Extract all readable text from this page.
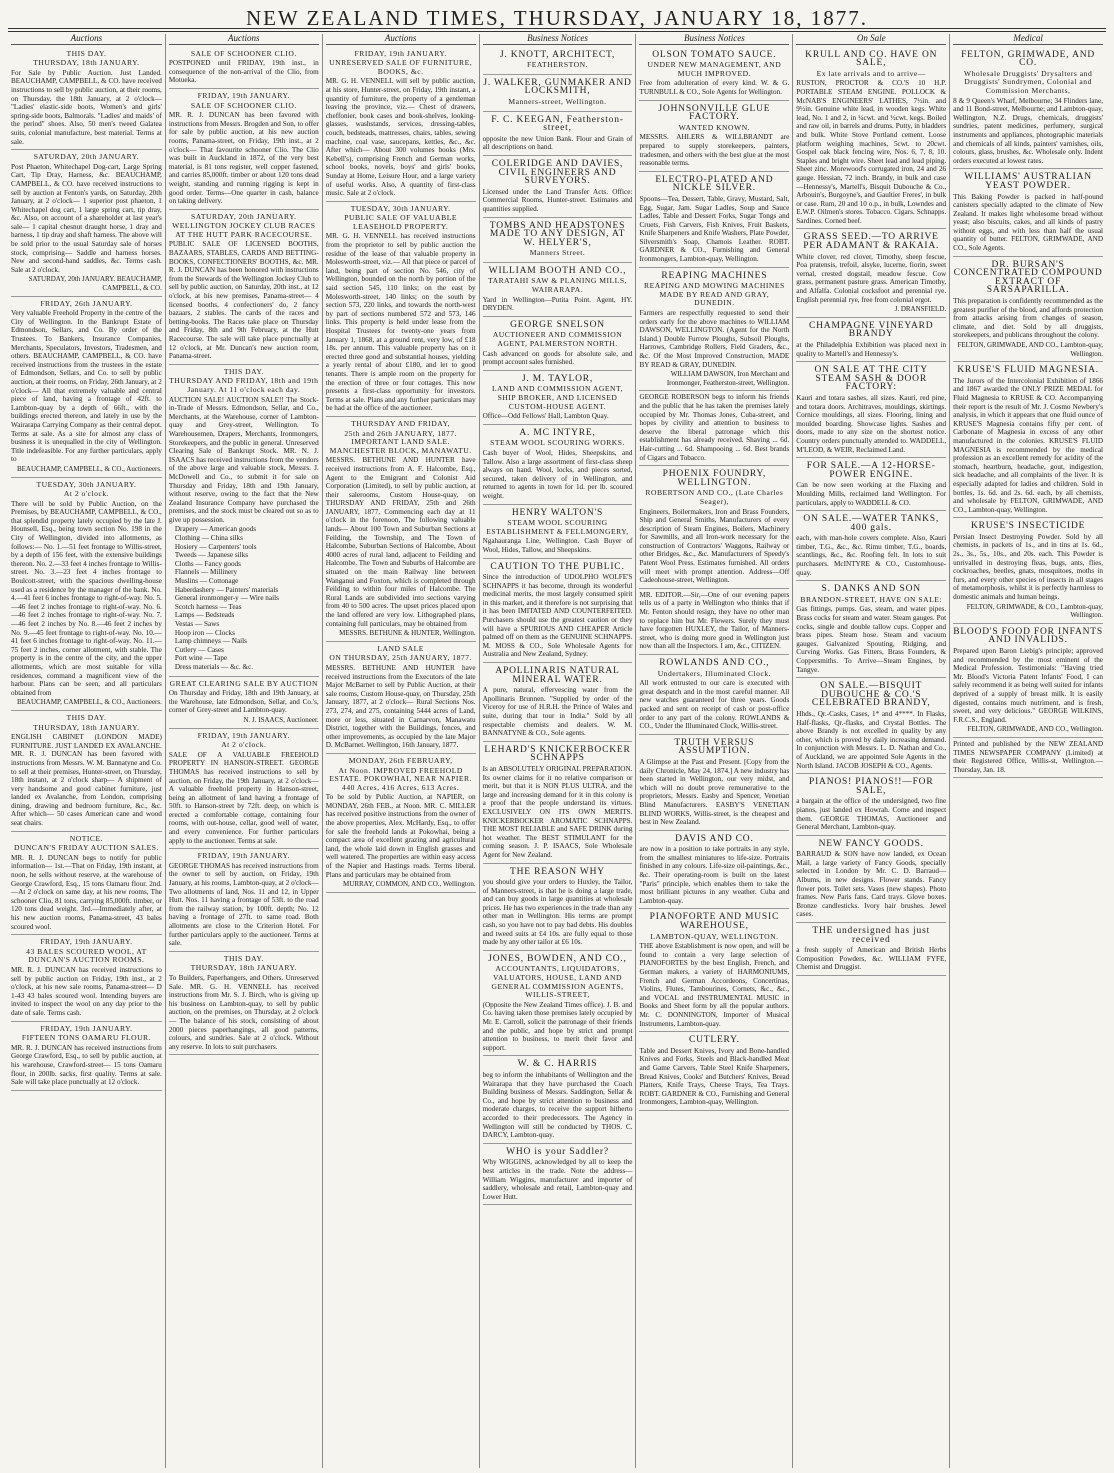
NEW ZEALAND TIMES, THURSDAY, JANUARY 18, 1877.
Auctions
THIS DAY.
THURSDAY, 18th JANUARY.
For Sale by Public Auction. Just Landed. BEAUCHAMP, CAMPBELL, & CO. have received instructions to sell by public auction, at their rooms, on Thursday, the 18th January, at 2 o'clock— "Ladies' elastic-side boots, Women's and girls' spring-side boots, Balmorals. "Ladies' and maids' of the period" shoes. Also, 50 men's tweed Galatea suits, colonial manufacture, best material. Terms at sale.
SATURDAY, 20th JANUARY.
Post Phaeton, Whitechapel Dog-cart, Large Spring Cart, Tip Dray, Harness, &c. BEAUCHAMP, CAMPBELL, & CO. have received instructions to sell by auction at Fenton's yards, on Saturday, 20th January, at 2 o'clock— 1 superior post phaeton, 1 Whitechapel dog cart, 1 large spring cart, tip dray, &c. Also, on account of a shareholder at last year's sale— 1 capital chesnut draught horse, 1 dray and harness, 1 tip dray and shaft harness. The above will be sold prior to the usual Saturday sale of horses stock, comprising— Saddle and harness horses. New and second-hand saddles, &c. Terms cash. Sale at 2 o'clock.
SATURDAY, 20th JANUARY. BEAUCHAMP, CAMPBELL, & CO.
FRIDAY, 26th JANUARY.
Very valuable Freehold Property in the centre of the City of Wellington. In the Bankrupt Estate of Edmondson, Sellars, and Co. By order of the Trustees. To Bankers, Insurance Companies, Merchants, Speculators, Investors, Tradesmen, and others. BEAUCHAMP, CAMPBELL, & CO. have received instructions from the trustees in the estate of Edmondson, Sellars, and Co. to sell by public auction, at their rooms, on Friday, 26th January, at 2 o'clock— All that extremely valuable and central piece of land, having a frontage of 42ft. to Lambton-quay by a depth of 66ft., with the buildings erected thereon, and lately in use by the Wairarapa Carrying Company as their central depot. Terms at sale. As a site for almost any class of business it is unequalled in the city of Wellington. Title indefeasible. For any further particulars, apply to
BEAUCHAMP, CAMPBELL, & CO., Auctioneers.
TUESDAY, 30th JANUARY.
At 2 o'clock.
There will be sold by Public Auction, on the Premises, by BEAUCHAMP, CAMPBELL, & CO., that splendid property lately occupied by the late J. Hounsell, Esq., being town section No. 198 in the City of Wellington, divided into allotments, as follows:— No. 1.—51 feet frontage to Willis-street, by a depth of 156 feet, with the extensive buildings thereon. No. 2.—33 feet 4 inches frontage to Willis-street. No. 3.—23 feet 4 inches frontage to Boulcott-street, with the spacious dwelling-house used as a residence by the manager of the bank. No. 4.—41 feet 6 inches frontage to right-of-way. No. 5.—46 feet 2 inches frontage to right-of-way. No. 6.—46 feet 2 inches frontage to right-of-way. No. 7.—46 feet 2 inches by No. 8.—46 feet 2 inches by No. 9.—45 feet frontage to right-of-way. No. 10.—41 feet 6 inches frontage to right-of-way. No. 11.—75 feet 2 inches, corner allotment, with stable. The property is in the centre of the city, and the upper allotments, which are most suitable for villa residences, command a magnificent view of the harbour. Plans can be seen, and all particulars obtained from
BEAUCHAMP, CAMPBELL, & CO., Auctioneers.
THIS DAY.
THURSDAY, 18th JANUARY.
ENGLISH CABINET (LONDON MADE) FURNITURE. JUST LANDED EX AVALANCHE. MR. R. J. DUNCAN has been favored with instructions from Messrs. W. M. Bannatyne and Co. to sell at their premises, Hunter-street, on Thursday, 18th instant, at 2 o'clock sharp— A shipment of very handsome and good cabinet furniture, just landed ex Avalanche, from London, comprising dining, drawing and bedroom furniture, &c., &c. After which— 50 cases American cane and wood seat chairs.
NOTICE.
DUNCAN'S FRIDAY AUCTION SALES.
MR. R. J. DUNCAN begs to notify for public information— 1st.—That on Friday, 19th instant, at noon, he sells without reserve, at the warehouse of George Crawford, Esq., 15 tons Oamaru flour. 2nd.—At 2 o'clock on same day, at his new rooms, The schooner Clio, 81 tons, carrying 85,000ft. timber, or 120 tons dead weight. 3rd.—Immediately after, at his new auction rooms, Panama-street, 43 bales scoured wool.
FRIDAY, 19th JANUARY.
43 BALES SCOURED WOOL, AT DUNCAN'S AUCTION ROOMS.
MR. R. J. DUNCAN has received instructions to sell by public auction on Friday, 19th inst., at 2 o'clock, at his new sale rooms, Panama-street— D 1-43 43 bales scoured wool. Intending buyers are invited to inspect the wool on any day prior to the date of sale. Terms cash.
FRIDAY, 19th JANUARY.
FIFTEEN TONS OAMARU FLOUR.
MR. R. J. DUNCAN has received instructions from George Crawford, Esq., to sell by public auction, at his warehouse, Crawford-street— 15 tons Oamaru flour, in 200lb. sacks, first quality. Terms at sale. Sale will take place punctually at 12 o'clock.
Auctions
SALE OF SCHOONER CLIO.
POSTPONED until FRIDAY, 19th inst., in consequence of the non-arrival of the Clio, from Motueka.
FRIDAY, 19th JANUARY.
SALE OF SCHOONER CLIO.
MR. R. J. DUNCAN has been favored with instructions from Messrs. Brogden and Son, to offer for sale by public auction, at his new auction rooms, Panama-street, on Friday, 19th inst., at 2 o'clock— That favourite schooner Clio. The Clio was built in Auckland in 1872, of the very best material, is 81 tons register, well copper fastened, and carries 85,000ft. timber or about 120 tons dead weight, standing and running rigging is kept in good order. Terms—One quarter in cash, balance on taking delivery.
SATURDAY, 20th JANUARY.
WELLINGTON JOCKEY CLUB RACES AT THE HUTT PARK RACECOURSE.
PUBLIC SALE OF LICENSED BOOTHS, BAZAARS, STABLES, CARDS AND BETTING-BOOKS, CONFECTIONERS' BOOTHS, &c. MR. R. J. DUNCAN has been honored with instructions from the Stewards of the Wellington Jockey Club to sell by public auction, on Saturday, 20th inst., at 12 o'clock, at his new premises, Panama-street— 4 licensed booths, 4 confectioners' do, 2 fancy bazaars, 2 stables. The cards of the races and betting-books. The Races take place on Thursday and Friday, 8th and 9th February, at the Hutt Racecourse. The sale will take place punctually at 12 o'clock, at Mr. Duncan's new auction room, Panama-street.
THIS DAY.
THURSDAY AND FRIDAY, 18th and 19th January. At 11 o'clock each day.
AUCTION SALE! AUCTION SALE!! The Stock-in-Trade of Messrs. Edmondson, Sellar, and Co., Merchants, at the Warehouse, corner of Lambton-quay and Grey-street, Wellington. To Warehousemen, Drapers, Merchants, Ironmongers, Storekeepers, and the public in general. Unreserved Clearing Sale of Bankrupt Stock. MR. N. J. ISAACS has received instructions from the vendors of the above large and valuable stock, Messrs. J. McDowell and Co., to submit it for sale on Thursday and Friday, 18th and 19th January, without reserve, owing to the fact that the New Zealand Insurance Company have purchased the premises, and the stock must be cleared out so as to give up possession.
Drapery — American goods
Clothing — China silks
Hosiery — Carpenters' tools
Tweeds — Japanese silks
Cloths — Fancy goods
Flannels — Millinery
Muslins — Cottonage
Haberdashery — Painters' materials
General ironmonger-y — Wire nails
Scotch harness — Teas
Lamps — Bedsteads
Vestas — Saws
Hoop iron — Clocks
Lamp chimneys — Nails
Cutlery — Cases
Port wine — Tape
Dress materials — &c. &c.
GREAT CLEARING SALE BY AUCTION
On Thursday and Friday, 18th and 19th January, at the Warehouse, late Edmondson, Sellar, and Co.'s, corner of Grey-street and Lambton-quay.
N. J. ISAACS, Auctioneer.
FRIDAY, 19th JANUARY.
At 2 o'clock.
SALE OF A VALUABLE FREEHOLD PROPERTY IN HANSON-STREET. GEORGE THOMAS has received instructions to sell by auction, on Friday, the 19th January, at 2 o'clock— A valuable freehold property in Hanson-street, being an allotment of land having a frontage of 50ft. to Hanson-street by 72ft. deep, on which is erected a comfortable cottage, containing four rooms, with out-house, cellar, good well of water, and every convenience. For further particulars apply to the auctioneer. Terms at sale.
FRIDAY, 19th JANUARY.
GEORGE THOMAS has received instructions from the owner to sell by auction, on Friday, 19th January, at his rooms, Lambton-quay, at 2 o'clock— Two allotments of land, Nos. 11 and 12, in Upper Hutt. Nos. 11 having a frontage of 53ft. to the road from the railway station, by 100ft. depth; No. 12 having a frontage of 27ft. to same road. Both allotments are close to the Criterion Hotel. For further particulars apply to the auctioneer. Terms at sale.
THIS DAY.
THURSDAY, 18th JANUARY.
To Builders, Paperhangers, and Others. Unreserved Sale. MR. G. H. VENNELL has received instructions from Mr. S. J. Birch, who is giving up his business on Lambton-quay, to sell by public auction, on the premises, on Thursday, at 2 o'clock— The balance of his stock, consisting of about 2000 pieces paperhangings, all good patterns, colours, and sundries. Sale at 2 o'clock. Without any reserve. In lots to suit purchasers.
Auctions
FRIDAY, 19th JANUARY.
UNRESERVED SALE OF FURNITURE, BOOKS, &c.
MR. G. H. VENNELL will sell by public auction, at his store, Hunter-street, on Friday, 19th instant, a quantity of furniture, the property of a gentleman leaving the province, viz.— Chest of drawers, cheffonier, book cases and book-shelves, looking-glasses, washstands, services, dressing-tables, couch, bedsteads, mattresses, chairs, tables, sewing machine, coal vase, saucepans, kettles, &c., &c. After which— About 300 volumes books (Mrs. Kebell's), comprising French and German works, school books, novels, boys' and girls' books, Sunday at Home, Leisure Hour, and a large variety of useful works. Also, A quantity of first-class music. Sale at 2 o'clock.
TUESDAY, 30th JANUARY.
PUBLIC SALE OF VALUABLE LEASEHOLD PROPERTY.
MR. G. H. VENNELL has received instructions from the proprietor to sell by public auction the residue of the lease of that valuable property in Molesworth-street, viz.— All that piece or parcel of land, being part of section No. 546, city of Wellington, bounded on the north by portion of the said section 545, 110 links; on the east by Molesworth-street, 140 links; on the south by section 573, 220 links, and towards the north-west by part of sections numbered 572 and 573, 146 links. This property is held under lease from the Hospital Trustees for twenty-one years from January 1, 1868, at a ground rent, very low, of £18 18s. per annum. This valuable property has on it erected three good and substantial houses, yielding a yearly rental of about £180, and let to good tenants. There is ample room on the property for the erection of three or four cottages. This now presents a first-class opportunity for investors. Terms at sale. Plans and any further particulars may be had at the office of the auctioneer.
THURSDAY AND FRIDAY,
25th and 26th JANUARY, 1877. IMPORTANT LAND SALE. MANCHESTER BLOCK, MANAWATU.
MESSRS. BETHUNE AND HUNTER have received instructions from A. F. Halcombe, Esq., Agent to the Emigrant and Colonist Aid Corporation (Limited), to sell by public auction, at their salerooms, Custom House-quay, on THURSDAY AND FRIDAY, 25th and 26th JANUARY, 1877, Commencing each day at 11 o'clock in the forenoon, The following valuable lands— About 100 Town and Suburban Sections at Feilding, the Township, and The Town of Halcombe, Suburban Sections of Halcombe, About 4000 acres of rural land, adjacent to Feilding and Halcombe. The Town and Suburbs of Halcombe are situated on the main Railway line between Wanganui and Foxton, which is completed through Feilding to within four miles of Halcombe. The Rural Lands are subdivided into sections varying from 40 to 500 acres. The upset prices placed upon the land offered are very low. Lithographed plans, containing full particulars, may be obtained from
MESSRS. BETHUNE & HUNTER, Wellington.
LAND SALE
ON THURSDAY, 25th JANUARY, 1877.
MESSRS. BETHUNE AND HUNTER have received instructions from the Executors of the late Major McBarnet to sell by Public Auction, at their sale rooms, Custom House-quay, on Thursday, 25th January, 1877, at 2 o'clock— Rural Sections Nos. 273, 274, and 275, containing 5444 acres of Land, more or less, situated in Carnarvon, Manawatu District, together with the Buildings, fences, and other improvements, as occupied by the late Major D. McBarnet. Wellington, 16th January, 1877.
MONDAY, 26th FEBRUARY,
At Noon. IMPROVED FREEHOLD ESTATE. POKOWHAI, NEAR NAPIER. 440 Acres, 416 Acres, 613 Acres.
To be sold by Public Auction, at NAPIER, on MONDAY, 26th FEB., at Noon. MR. C. MILLER has received positive instructions from the owner of the above properties, Alex. McHardy, Esq., to offer for sale the freehold lands at Pokowhai, being a compact area of excellent grazing and agricultural land, the whole laid down in English grasses and well watered. The properties are within easy access of the Napier and Hastings roads. Terms liberal. Plans and particulars may be obtained from
MURRAY, COMMON, AND CO., Wellington.
Business Notices
J. KNOTT, ARCHITECT,
FEATHERSTON.
J. WALKER, GUNMAKER AND LOCKSMITH,
Manners-street, Wellington.
F. C. KEEGAN, Featherston-street,
opposite the new Union Bank. Flour and Grain of all descriptions on hand.
COLERIDGE AND DAVIES, CIVIL ENGINEERS AND SURVEYORS.
Licensed under the Land Transfer Acts. Office: Commercial Rooms, Hunter-street. Estimates and quantities supplied.
TOMBS AND HEADSTONES MADE TO ANY DESIGN, AT W. HELYER'S,
Manners Street.
WILLIAM BOOTH AND CO.,
TARATAHI SAW & PLANING MILLS, WAIRARAPA.
Yard in Wellington—Putita Point. Agent, HY. DRYDEN.
GEORGE SNELSON
AUCTIONEER AND COMMISSION AGENT, PALMERSTON NORTH.
Cash advanced on goods for absolute sale, and prompt account sales furnished.
J. M. TAYLOR,
LAND AND COMMISSION AGENT, SHIP BROKER, AND LICENSED CUSTOM-HOUSE AGENT.
Office—Odd Fellows' Hall, Lambton Quay.
A. MC INTYRE,
STEAM WOOL SCOURING WORKS.
Cash buyer of Wool, Hides, Sheepskins, and Tallow. Also a large assortment of first-class sheep always on hand. Wool, locks, and pieces sorted, secured, taken delivery of in Wellington, and returned to agents in town for 1d. per lb. scoured weight.
HENRY WALTON'S
STEAM WOOL SCOURING ESTABLISHMENT & FELLMONGERY,
Ngahauranga Line, Wellington. Cash Buyer of Wool, Hides, Tallow, and Sheepskins.
CAUTION TO THE PUBLIC.
Since the introduction of UDOLPHO WOLFE'S SCHNAPPS it has become, through its wonderful medicinal merits, the most largely consumed spirit in this market, and it therefore is not surprising that it has been IMITATED AND COUNTERFEITED. Purchasers should use the greatest caution or they will have a SPURIOUS AND CHEAPER Article palmed off on them as the GENUINE SCHNAPPS. M. MOSS & CO., Sole Wholesale Agents for Australia and New Zealand, Sydney.
APOLLINARIS NATURAL MINERAL WATER.
A pure, natural, effervescing water from the Apollinaris Brunnen. "Supplied by order of the Viceroy for use of H.R.H. the Prince of Wales and suite, during that tour in India." Sold by all respectable chemists and dealers. W. M. BANNATYNE & CO., Sole agents.
LEHARD'S KNICKERBOCKER SCHNAPPS
Is an ABSOLUTELY ORIGINAL PREPARATION. Its owner claims for it no relative comparison or merit, but that it is NON PLUS ULTRA, and the large and increasing demand for it in this colony is a proof that the people understand its virtues. EXCLUSIVELY ON ITS OWN MERITS. KNICKERBOCKER AROMATIC SCHNAPPS. THE MOST RELIABLE and SAFE DRINK during hot weather. The BEST STIMULANT for the coming season. J. P. ISAACS, Sole Wholesale Agent for New Zealand.
THE REASON WHY
you should give your orders to Huxley, the Tailor, of Manners-street, is that he is doing a large trade, and can buy goods in large quantities at wholesale prices. He has two experiences in the trade than any other man in Wellington. His terms are prompt cash, so you have not to pay bad debts. His doubles and tweed suits at £4 10s. are fully equal to those made by any other tailor at £6 10s.
JONES, BOWDEN, AND CO.,
ACCOUNTANTS, LIQUIDATORS, VALUATORS, HOUSE, LAND AND GENERAL COMMISSION AGENTS, WILLIS-STREET,
(Opposite the New Zealand Times office). J. B. and Co. having taken those premises lately occupied by Mr. E. Carroll, solicit the patronage of their friends and the public, and hope by strict and prompt attention to business, to merit their favor and support.
W. & C. HARRIS
beg to inform the inhabitants of Wellington and the Wairarapa that they have purchased the Coach Building business of Messrs. Saddington, Sellar & Co., and hope by strict attention to business and moderate charges, to receive the support hitherto accorded to their predecessors. The Agency in Wellington will still be conducted by THOS. C. DARCY, Lambton-quay.
WHO is your Saddler?
Why WIGGINS, acknowledged by all to keep the best articles in the trade. Note the address— William Wiggins, manufacturer and importer of saddlery, wholesale and retail, Lambton-quay and Lower Hutt.
Business Notices
OLSON TOMATO SAUCE.
UNDER NEW MANAGEMENT, AND MUCH IMPROVED.
Free from adulteration of every kind. W. & G. TURNBULL & CO., Sole Agents for Wellington.
JOHNSONVILLE GLUE FACTORY.
WANTED KNOWN.
MESSRS. AHLERS & WILLBRANDT are prepared to supply storekeepers, painters, tradesmen, and others with the best glue at the most reasonable terms.
ELECTRO-PLATED AND NICKLE SILVER.
Spoons—Tea, Dessert, Table, Gravy, Mustard, Salt, Egg, Sugar, Jam. Sugar Ladles, Soup and Sauce Ladles, Table and Dessert Forks, Sugar Tongs and Cruets, Fish Carvers, Fish Knives, Fruit Baskets, Knife Sharpeners and Knife Washers, Plate Powder, Silversmith's Soap, Chamois Leather. ROBT. GARDNER & CO., Furnishing and General Ironmongers, Lambton-quay, Wellington.
REAPING MACHINES
REAPING AND MOWING MACHINES MADE BY READ AND GRAY, DUNEDIN.
Farmers are respectfully requested to send their orders early for the above machines to WILLIAM DAWSON, WELLINGTON. (Agent for the North Island.) Double Furrow Ploughs, Subsoil Ploughs, Harrows, Cambridge Rollers, Field Graders, &c., &c. Of the Most Improved Construction, MADE BY READ & GRAY, DUNEDIN.
WILLIAM DAWSON, Iron Merchant and Ironmonger, Featherston-street, Wellington.
GEORGE ROBERSON begs to inform his friends and the public that he has taken the premises lately occupied by Mr. Thomas Jones, Cuba-street, and hopes by civility and attention to business to deserve the liberal patronage which this establishment has already received. Shaving ... 6d. Hair-cutting ... 6d. Shampooing ... 6d. Best brands of Cigars and Tobacco.
PHOENIX FOUNDRY, WELLINGTON.
ROBERTSON AND CO., (Late Charles Seager),
Engineers, Boilermakers, Iron and Brass Founders, Ship and General Smiths, Manufacturers of every description of Steam Engines, Boilers, Machinery for Sawmills, and all Iron-work necessary for the construction of Contractors' Waggons, Railway or other Bridges, &c., &c. Manufacturers of Speedy's Patent Wool Press. Estimates furnished. All orders will meet with prompt attention. Address—Off Cadeohouse-street, Wellington.
MR. EDITOR.—Sir,—One of our evening papers tells us of a party in Wellington who thinks that if Mr. Fenton should resign, they have no other man to replace him but Mr. Flewers. Surely they must have forgotten HUXLEY, the Tailor, of Manners-street, who is doing more good in Wellington just now than all the Inspectors. I am, &c., CITIZEN.
ROWLANDS AND CO.,
Undertakers, Illuminated Clock.
All work entrusted to our care is executed with great despatch and in the most careful manner. All new watches guaranteed for three years. Goods packed and sent on receipt of cash or post-office order to any part of the colony. ROWLANDS & CO., Under the Illuminated Clock, Willis-street.
TRUTH VERSUS ASSUMPTION.
A Glimpse at the Past and Present. [Copy from the daily Chronicle, May 24, 1874.] A new industry has been started in Wellington, our very midst, and which will no doubt prove remunerative to the proprietors, Messrs. Easby and Spencer, Venetian Blind Manufacturers. EASBY'S VENETIAN BLIND WORKS, Willis-street, is the cheapest and best in New Zealand.
DAVIS AND CO.
are now in a position to take portraits in any style, from the smallest miniatures to life-size. Portraits finished in any colours. Life-size oil-paintings, &c., &c. Their operating-room is built on the latest "Paris" principle, which enables them to take the most brilliant pictures in any weather. Cuba and Lambton-quay.
PIANOFORTE AND MUSIC WAREHOUSE,
LAMBTON-QUAY, WELLINGTON.
THE above Establishment is now open, and will be found to contain a very large selection of PIANOFORTES by the best English, French, and German makers, a variety of HARMONIUMS, French and German Accordeons, Concertinas, Violins, Flutes, Tambourines, Cornets, &c., &c., and VOCAL and INSTRUMENTAL MUSIC in Books and Sheet form by all the popular authors. Mr. C. DONNINGTON, Importer of Musical Instruments, Lambton-quay.
CUTLERY.
Table and Dessert Knives, Ivory and Bone-handled Knives and Forks, Steels and Black-handled Meat and Game Carvers, Table Steel Knife Sharpeners, Bread Knives, Cooks' and Butchers' Knives, Bread Platters, Knife Trays, Cheese Trays, Tea Trays. ROBT. GARDNER & CO., Furnishing and General Ironmongers, Lambton-quay, Wellington.
On Sale
KRULL AND CO. HAVE ON SALE,
Ex late arrivals and to arrive—
RUSTON, PROCTOR & CO.'S 10 H.P. PORTABLE STEAM ENGINE. POLLOCK & McNAB'S ENGINEERS' LATHES, 7½in. and 9½in. Genuine white lead, in wooden kegs. White lead, No. 1 and 2, in ¼cwt. and ½cwt. kegs. Boiled and raw oil, in barrels and drums. Putty, in bladders and bulk. White Stove Portland cement. Loose platform weighing machines, 5cwt. to 20cwt. Gospel oak black fencing wire, Nos. 6, 7, 8, 10. Staples and bright wire. Sheet lead and lead piping. Sheet zinc. Morewood's corrugated iron, 24 and 26 gauge. Hessian, 72 inch. Brandy, in bulk and case—Hennessy's, Martell's, Bisquit Dubouche & Co., Arbouin's, Burgoyne's, and Gaultier Freres', in bulk or case. Rum, 20 and 10 o.p., in bulk, Lowndes and E.W.P. Oilmen's stores. Tobacco. Cigars. Schnapps. Sardines. Corned beef.
GRASS SEED.—TO ARRIVE PER ADAMANT & RAKAIA.
White clover, red clover, Timothy, sheep fescue, Poa pratensis, trefoil, alsyke, lucerne, fiorin, sweet vernal, crested dogstail, meadow fescue. Cow grass, permanent pasture grass. American Timothy, and Alfalfa. Colonial cocksfoot and perennial rye. English perennial rye, free from colonial ergot.
J. DRANSFIELD.
CHAMPAGNE VINEYARD BRANDY
at the Philadelphia Exhibition was placed next in quality to Martell's and Hennessy's.
ON SALE AT THE CITY STEAM SASH & DOOR FACTORY:
Kauri and totara sashes, all sizes. Kauri, red pine, and totara doors. Architraves, mouldings, skirtings. Cornice mouldings, all sizes. Flooring, lining and moulded boarding. Showcase lights. Sashes and doors, made to any size on the shortest notice. Country orders punctually attended to. WADDELL, M'LEOD, & WEIR, Reclaimed Land.
FOR SALE.—A 12-HORSE-POWER ENGINE.
Can be now seen working at the Flaxing and Moulding Mills, reclaimed land Wellington. For particulars, apply to WADDELL & CO.
ON SALE.—WATER TANKS, 400 gals.
each, with man-hole covers complete. Also, Kauri timber, T.G., &c., &c. Rimu timber, T.G., boards, scantlings, &c., &c. Roofing felt. In lots to suit purchasers. McINTYRE & CO., Customhouse-quay.
S. DANKS AND SON
BRANDON-STREET, HAVE ON SALE:
Gas fittings, pumps. Gas, steam, and water pipes. Brass cocks for steam and water. Steam gauges. Pot cocks, single and double tallow cups. Copper and brass pipes. Steam hose. Steam and vacuum gauges. Galvanized Spouting, Ridging, and Curving Works. Gas Fitters, Brass Founders, & Coppersmiths. To Arrive—Steam Engines, by Tangye.
ON SALE.—BISQUIT DUBOUCHE & CO.'S CELEBRATED BRANDY,
Hhds., Qr.-Casks, Cases, 1* and 4****. In Flasks, Half-flasks, Qr.-flasks, and Crystal Bottles. The above Brandy is not excelled in quality by any other, which is proved by daily increasing demand. In conjunction with Messrs. L. D. Nathan and Co., of Auckland, we are appointed Sole Agents in the North Island. JACOB JOSEPH & CO., Agents.
PIANOS! PIANOS!!—FOR SALE,
a bargain at the office of the undersigned, two fine pianos, just landed ex Howrah. Come and inspect them. GEORGE THOMAS, Auctioneer and General Merchant, Lambton-quay.
NEW FANCY GOODS.
BARRAUD & SON have now landed, ex Ocean Mail, a large variety of Fancy Goods, specially selected in London by Mr. C. D. Barraud— Albums, in new designs. Flower stands. Fancy flower pots. Toilet sets. Vases (new shapes). Photo frames. New Paris fans. Card trays. Glove boxes. Bronze candlesticks. Ivory hair brushes. Jewel cases.
THE undersigned has just received
a fresh supply of American and British Herbs Composition Powders, &c. WILLIAM FYFE, Chemist and Druggist.
Medical
FELTON, GRIMWADE, AND CO.
Wholesale Druggists' Drysalters and Druggists' Sundrymen, Colonial and Commission Merchants,
8 & 9 Queen's Wharf, Melbourne; 34 Flinders lane, and 11 Bond-street, Melbourne; and Lambton-quay, Wellington, N.Z. Drugs, chemicals, druggists' sundries, patent medicines, perfumery, surgical instruments and appliances, photographic materials and chemicals of all kinds, painters' varnishes, oils, colours, glass, brushes, &c. Wholesale only. Indent orders executed at lowest rates.
WILLIAMS' AUSTRALIAN YEAST POWDER.
This Baking Powder is packed in half-pound canisters specially adapted to the climate of New Zealand. It makes light wholesome bread without yeast; also biscuits, cakes, and all kinds of pastry without eggs, and with less than half the usual quantity of butter. FELTON, GRIMWADE, AND CO., Sole Agents.
DR. BURSAN'S CONCENTRATED COMPOUND EXTRACT OF SARSAPARILLA.
This preparation is confidently recommended as the greatest purifier of the blood, and affords protection from attacks arising from changes of season, climate, and diet. Sold by all druggists, storekeepers, and publicans throughout the colony.
FELTON, GRIMWADE, AND CO., Lambton-quay, Wellington.
KRUSE'S FLUID MAGNESIA.
The Jurors of the Intercolonial Exhibition of 1866 and 1867 awarded the ONLY PRIZE MEDAL for Fluid Magnesia to KRUSE & CO. Accompanying their report is the result of Mr. J. Cosmo Newbery's analysis, in which it appears that one fluid ounce of KRUSE'S Magnesia contains fifty per cent. of Carbonate of Magnesia in excess of any other manufactured in the colonies. KRUSE'S FLUID MAGNESIA is recommended by the medical profession as an excellent remedy for acidity of the stomach, heartburn, headache, gout, indigestion, sick headache, and all complaints of the liver. It is especially adapted for ladies and children. Sold in bottles, 1s. 6d. and 2s. 6d. each, by all chemists, and wholesale by FELTON, GRIMWADE, AND CO., Lambton-quay, Wellington.
KRUSE'S INSECTICIDE
Persian Insect Destroying Powder. Sold by all chemists, in packets of 1s., and in tins at 1s. 6d., 2s., 3s., 5s., 10s., and 20s. each. This Powder is unrivalled in destroying fleas, bugs, ants, flies, cockroaches, beetles, gnats, mosquitoes, moths in furs, and every other species of insects in all stages of metamorphosis, whilst it is perfectly harmless to domestic animals and human beings.
FELTON, GRIMWADE, & CO., Lambton-quay, Wellington.
BLOOD'S FOOD FOR INFANTS AND INVALIDS.
Prepared upon Baron Liebig's principle; approved and recommended by the most eminent of the Medical Profession. Testimonials: "Having tried Mr. Blood's Victoria Patent Infants' Food, I can safely recommend it as being well suited for infants deprived of a supply of breast milk. It is easily digested, contains much nutriment, and is fresh, sweet, and very delicious." GEORGE WILKINS, F.R.C.S., England.
FELTON, GRIMWADE, AND CO., Wellington.
Printed and published by the NEW ZEALAND TIMES NEWSPAPER COMPANY (Limited) at their Registered Office, Willis-st, Wellington.—Thursday, Jan. 18.
